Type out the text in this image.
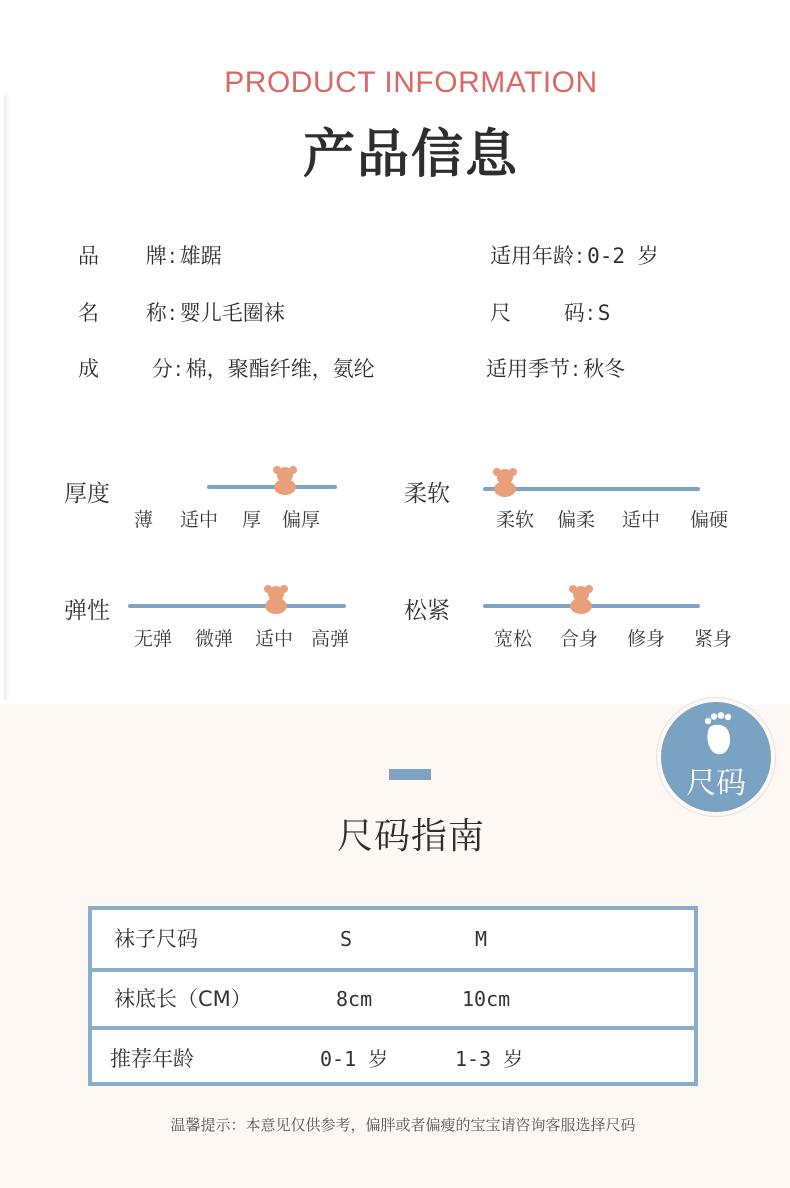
PRODUCT INFORMATION
产品信息
品 牌: 雄踞
名 称: 婴儿毛圈袜
成	分: 棉，聚酯纤维，氨纶
适用年龄: 0-2 岁
尺	码: S
适用季节: 秋冬
厚度
薄 适中 厚 偏厚
柔软
柔软 偏柔 适中 偏硬
弹性
无弹 微弹 适中 高弹
松紧
宽松 合身 修身 紧身
尺码
尺码指南
袜子尺码	S	M
袜底长（CM）	8cm	10cm
推荐年龄	0-1 岁	1-3 岁
温馨提示：本意见仅供参考，偏胖或者偏瘦的宝宝请咨询客服选择尺码
